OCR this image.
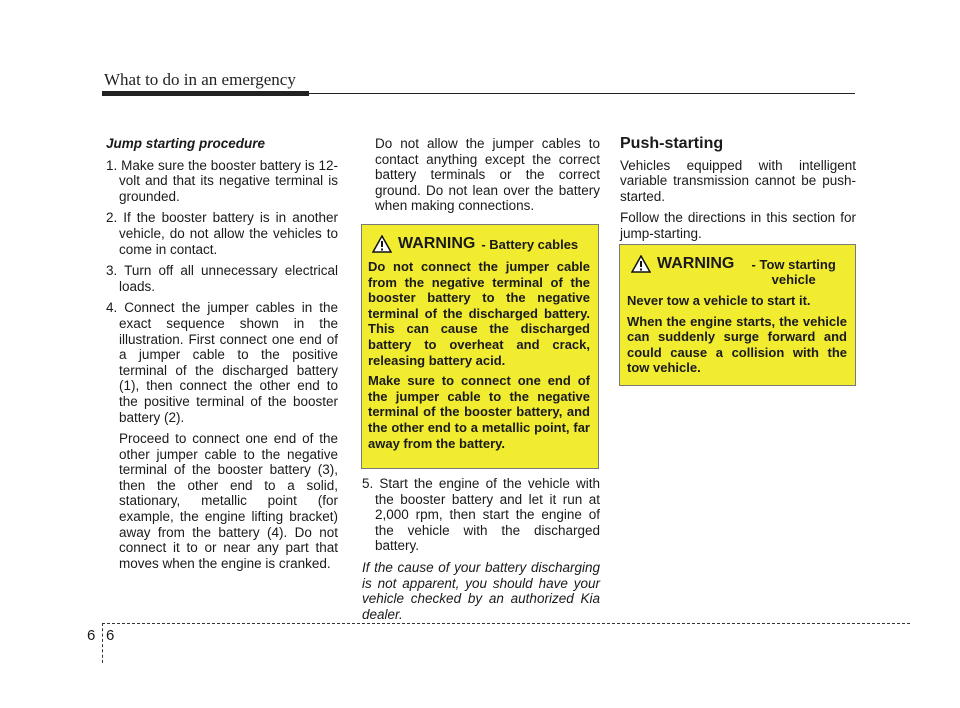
What to do in an emergency

Jump starting procedure

1. Make sure the booster battery is 12-volt and that its negative terminal is grounded.

2. If the booster battery is in another vehicle, do not allow the vehicles to come in contact.

3. Turn off all unnecessary electrical loads.

4. Connect the jumper cables in the exact sequence shown in the illustration. First connect one end of a jumper cable to the positive terminal of the discharged battery (1), then connect the other end to the positive terminal of the booster battery (2).

Proceed to connect one end of the other jumper cable to the negative terminal of the booster battery (3), then the other end to a solid, stationary, metallic point (for example, the engine lifting bracket) away from the battery (4). Do not connect it to or near any part that moves when the engine is cranked.

Do not allow the jumper cables to contact anything except the correct battery terminals or the correct ground. Do not lean over the battery when making connections.

WARNING - Battery cables

Do not connect the jumper cable from the negative terminal of the booster battery to the negative terminal of the discharged battery. This can cause the discharged battery to overheat and crack, releasing battery acid.

Make sure to connect one end of the jumper cable to the negative terminal of the booster battery, and the other end to a metallic point, far away from the battery.

5. Start the engine of the vehicle with the booster battery and let it run at 2,000 rpm, then start the engine of the vehicle with the discharged battery.

If the cause of your battery discharging is not apparent, you should have your vehicle checked by an authorized Kia dealer.

Push-starting

Vehicles equipped with intelligent variable transmission cannot be push-started.

Follow the directions in this section for jump-starting.

WARNING	- Tow starting vehicle

Never tow a vehicle to start it.

When the engine starts, the vehicle can suddenly surge forward and could cause a collision with the tow vehicle.

6 6
